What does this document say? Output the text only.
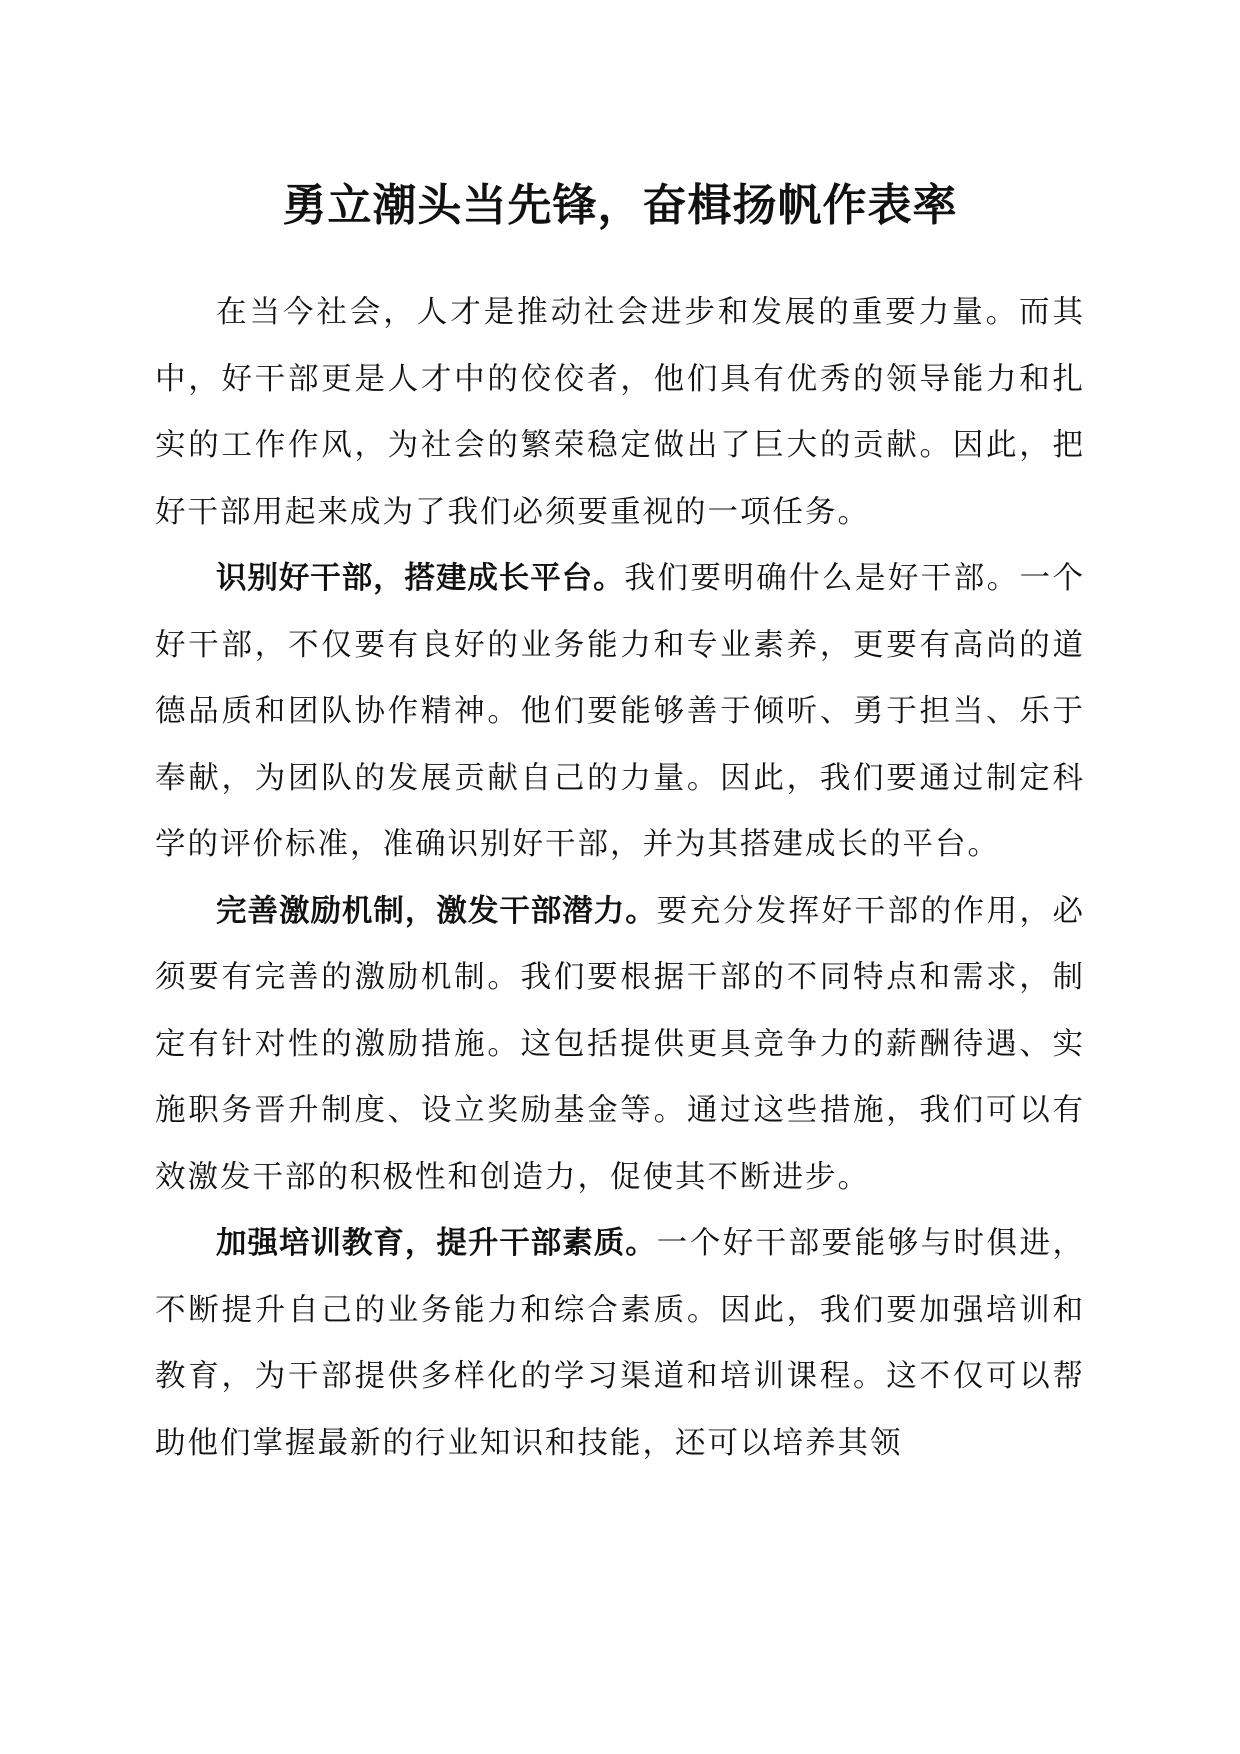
勇立潮头当先锋，奋楫扬帆作表率

在当今社会，人才是推动社会进步和发展的重要力量。而其中，好干部更是人才中的佼佼者，他们具有优秀的领导能力和扎实的工作作风，为社会的繁荣稳定做出了巨大的贡献。因此，把好干部用起来成为了我们必须要重视的一项任务。

识别好干部，搭建成长平台。我们要明确什么是好干部。一个好干部，不仅要有良好的业务能力和专业素养，更要有高尚的道德品质和团队协作精神。他们要能够善于倾听、勇于担当、乐于奉献，为团队的发展贡献自己的力量。因此，我们要通过制定科学的评价标准，准确识别好干部，并为其搭建成长的平台。

完善激励机制，激发干部潜力。要充分发挥好干部的作用，必须要有完善的激励机制。我们要根据干部的不同特点和需求，制定有针对性的激励措施。这包括提供更具竞争力的薪酬待遇、实施职务晋升制度、设立奖励基金等。通过这些措施，我们可以有效激发干部的积极性和创造力，促使其不断进步。

加强培训教育，提升干部素质。一个好干部要能够与时俱进，不断提升自己的业务能力和综合素质。因此，我们要加强培训和教育，为干部提供多样化的学习渠道和培训课程。这不仅可以帮助他们掌握最新的行业知识和技能，还可以培养其领
